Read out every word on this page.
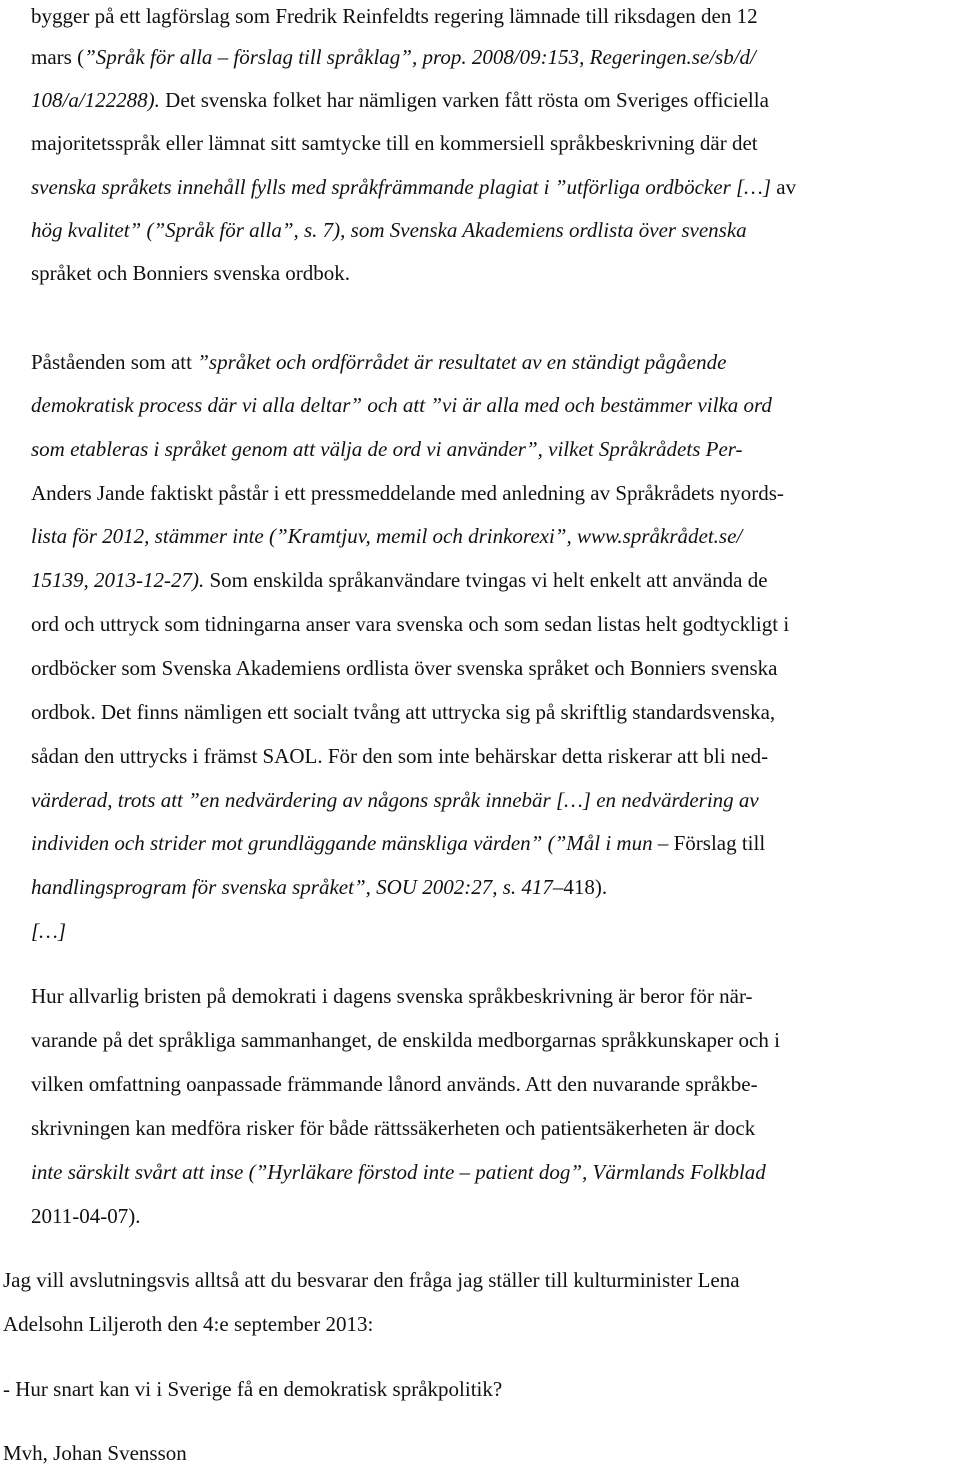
bygger på ett lagförslag som Fredrik Reinfeldts regering lämnade till riksdagen den 12

mars (”Språk för alla – förslag till språklag”, prop. 2008/09:153, Regeringen.se/sb/d/

108/a/122288). Det svenska folket har nämligen varken fått rösta om Sveriges officiella

majoritetsspråk eller lämnat sitt samtycke till en kommersiell språkbeskrivning där det

svenska språkets innehåll fylls med språkfrämmande plagiat i ”utförliga ordböcker […] av

hög kvalitet” (”Språk för alla”, s. 7), som Svenska Akademiens ordlista över svenska

språket och Bonniers svenska ordbok.

Påståenden som att ”språket och ordförrådet är resultatet av en ständigt pågående

demokratisk process där vi alla deltar” och att ”vi är alla med och bestämmer vilka ord

som etableras i språket genom att välja de ord vi använder”, vilket Språkrådets Per-

Anders Jande faktiskt påstår i ett pressmeddelande med anledning av Språkrådets nyords-

lista för 2012, stämmer inte (”Kramtjuv, memil och drinkorexi”, www.språkrådet.se/

15139, 2013-12-27). Som enskilda språkanvändare tvingas vi helt enkelt att använda de

ord och uttryck som tidningarna anser vara svenska och som sedan listas helt godtyckligt i

ordböcker som Svenska Akademiens ordlista över svenska språket och Bonniers svenska

ordbok. Det finns nämligen ett socialt tvång att uttrycka sig på skriftlig standardsvenska,

sådan den uttrycks i främst SAOL. För den som inte behärskar detta riskerar att bli ned-

värderad, trots att ”en nedvärdering av någons språk innebär […] en nedvärdering av

individen och strider mot grundläggande mänskliga värden” (”Mål i mun – Förslag till

handlingsprogram för svenska språket”, SOU 2002:27, s. 417–418).

[…]

Hur allvarlig bristen på demokrati i dagens svenska språkbeskrivning är beror för när-

varande på det språkliga sammanhanget, de enskilda medborgarnas språkkunskaper och i

vilken omfattning oanpassade främmande lånord används. Att den nuvarande språkbe-

skrivningen kan medföra risker för både rättssäkerheten och patientsäkerheten är dock

inte särskilt svårt att inse (”Hyrläkare förstod inte – patient dog”, Värmlands Folkblad

2011-04-07).

Jag vill avslutningsvis alltså att du besvarar den fråga jag ställer till kulturminister Lena

Adelsohn Liljeroth den 4:e september 2013:

- Hur snart kan vi i Sverige få en demokratisk språkpolitik?

Mvh, Johan Svensson
